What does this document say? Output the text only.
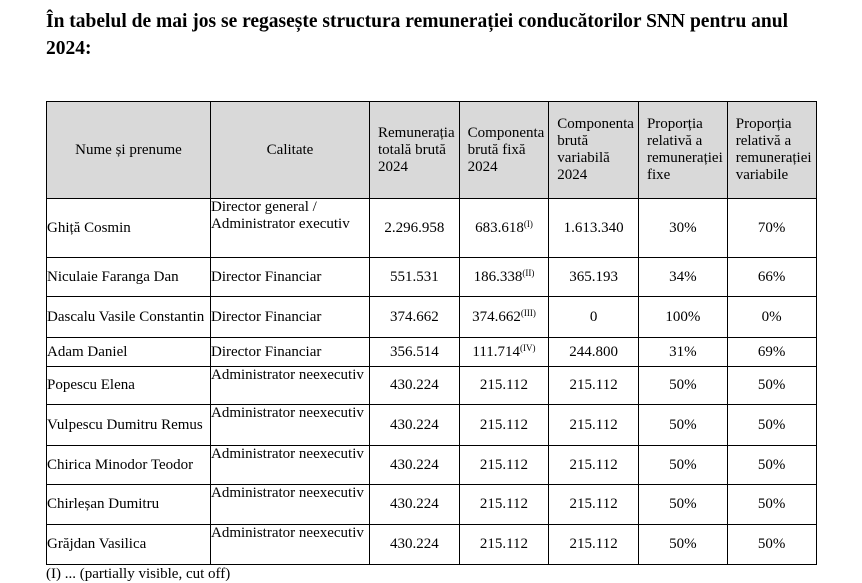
În tabelul de mai jos se regasește structura remunerației conducătorilor SNN pentru anul 2024:
Nume și prenume	Calitate	Remunerația totală brută 2024	Componenta brută fixă 2024	Componenta brută variabilă 2024	Proporția relativă a remunerației fixe	Proporția relativă a remunerației variabile
Ghiță Cosmin	Director general / Administrator executiv	2.296.958	$683.618^{(I)}$	1.613.340	30%	70%
Niculaie Faranga Dan	Director Financiar	551.531	$186.338^{(II)}$	365.193	34%	66%
Dascalu Vasile Constantin	Director Financiar	374.662	$374.662^{(III)}$	0	100%	0%
Adam Daniel	Director Financiar	356.514	$111.714^{(IV)}$	244.800	31%	69%
Popescu Elena	Administrator neexecutiv	430.224	215.112	215.112	50%	50%
Vulpescu Dumitru Remus	Administrator neexecutiv	430.224	215.112	215.112	50%	50%
Chirica Minodor Teodor	Administrator neexecutiv	430.224	215.112	215.112	50%	50%
Chirleșan Dumitru	Administrator neexecutiv	430.224	215.112	215.112	50%	50%
Grăjdan Vasilica	Administrator neexecutiv	430.224	215.112	215.112	50%	50%
(I) ... (partially visible, cut off)
